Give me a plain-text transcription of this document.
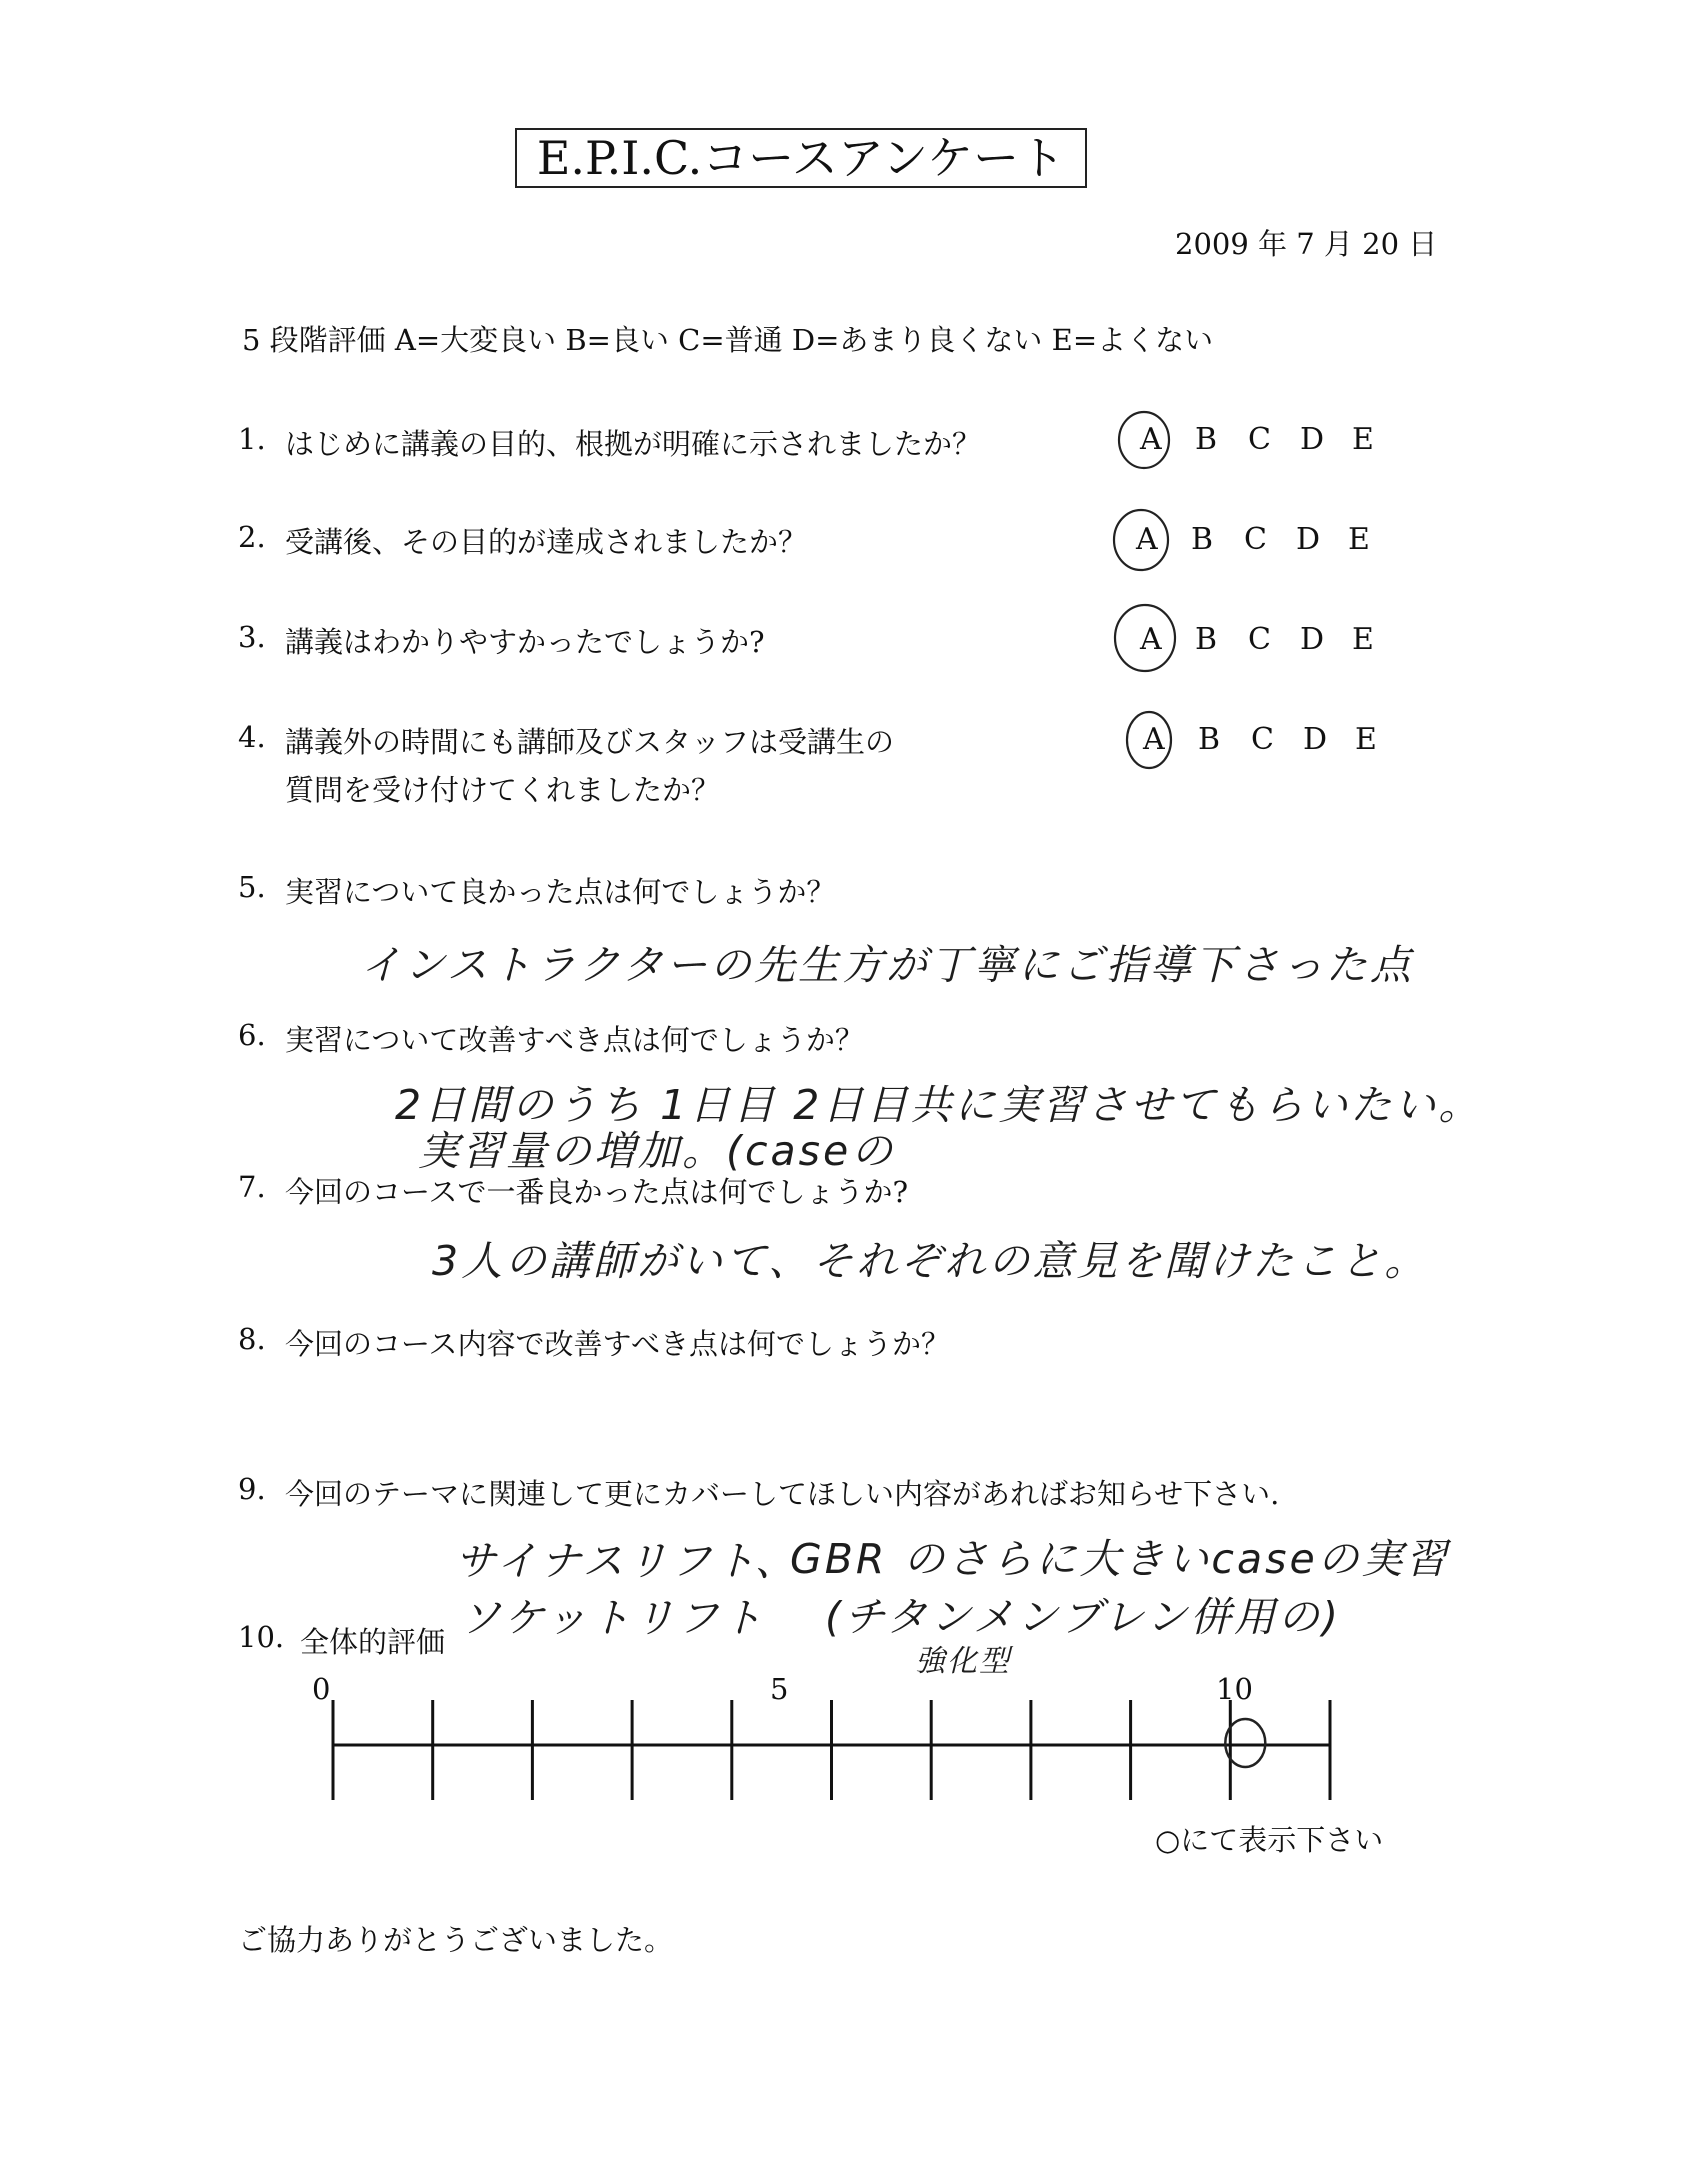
E.P.I.C.コースアンケート
2009 年 7 月 20 日
5 段階評価 A=大変良い B=良い C=普通 D=あまり良くない E=よくない
1. はじめに講義の目的、根拠が明確に示されましたか？	A B C D E
2. 受講後、その目的が達成されましたか？	A B C D E
3. 講義はわかりやすかったでしょうか?	A B C D E
4. 講義外の時間にも講師及びスタッフは受講生の
質問を受け付けてくれましたか？
A B C D E
5. 実習について良かった点は何でしょうか？
インストラクターの先生方が丁寧にご指導下さった点
6. 実習について改善すべき点は何でしょうか？
2日間のうち 1日目 2日目共に実習させてもらいたい。
実習量の増加。(caseの
7. 今回のコースで一番良かった点は何でしょうか?
3人の講師がいて、それぞれの意見を聞けたこと。
8. 今回のコース内容で改善すべき点は何でしょうか？
9. 今回のテーマに関連して更にカバーしてほしい内容があればお知らせ下さい.
サイナスリフト、
ソケットリフト
GBR のさらに大きいcaseの実習
(チタンメンブレン併用の)
強化型
10. 全体的評価
0	5	10
○にて表示下さい
ご協力ありがとうございました。
